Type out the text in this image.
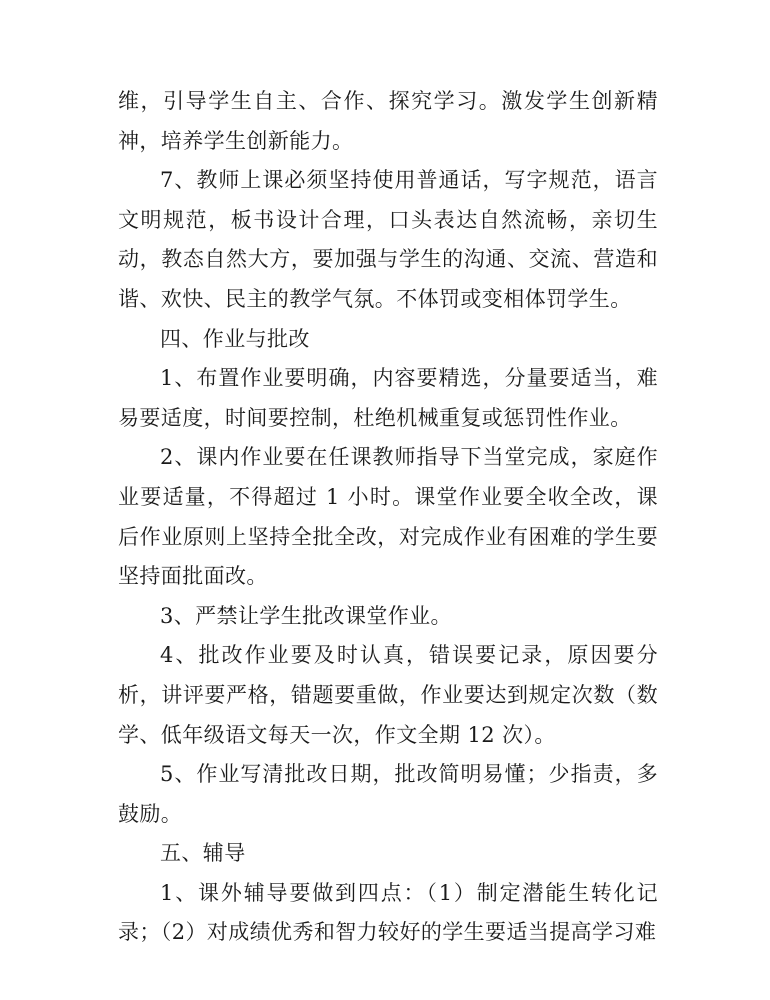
维，引导学生自主、合作、探究学习。激发学生创新精神，培养学生创新能力。

7、教师上课必须坚持使用普通话，写字规范，语言文明规范，板书设计合理，口头表达自然流畅，亲切生动，教态自然大方，要加强与学生的沟通、交流、营造和谐、欢快、民主的教学气氛。不体罚或变相体罚学生。

四、作业与批改

1、布置作业要明确，内容要精选，分量要适当，难易要适度，时间要控制，杜绝机械重复或惩罚性作业。

2、课内作业要在任课教师指导下当堂完成，家庭作业要适量，不得超过 1 小时。课堂作业要全收全改，课后作业原则上坚持全批全改，对完成作业有困难的学生要坚持面批面改。

3、严禁让学生批改课堂作业。

4、批改作业要及时认真，错误要记录，原因要分析，讲评要严格，错题要重做，作业要达到规定次数（数学、低年级语文每天一次，作文全期 12 次）。

5、作业写清批改日期，批改简明易懂；少指责，多鼓励。

五、辅导

1、课外辅导要做到四点：（1）制定潜能生转化记录；（2）对成绩优秀和智力较好的学生要适当提高学习难
